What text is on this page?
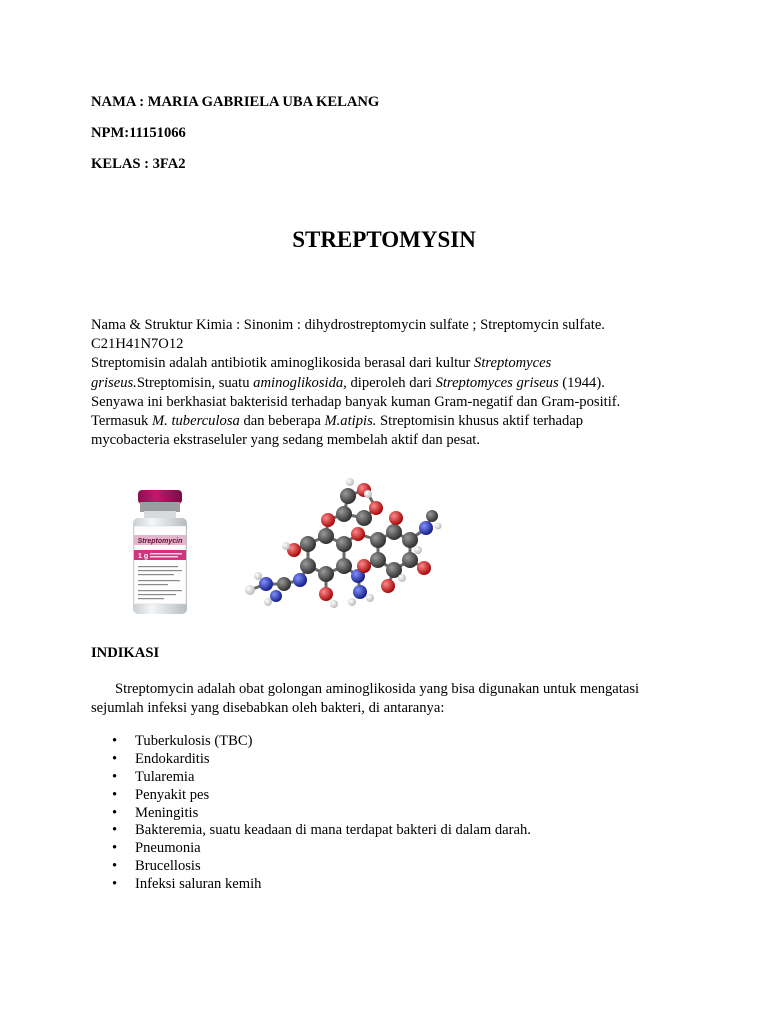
NAMA : MARIA GABRIELA UBA KELANG
NPM:11151066
KELAS : 3FA2
STREPTOMYSIN
Nama & Struktur Kimia : Sinonim : dihydrostreptomycin sulfate ; Streptomycin sulfate.
C21H41N7O12
Streptomisin adalah antibiotik aminoglikosida berasal dari kultur Streptomyces
griseus.Streptomisin, suatu aminoglikosida, diperoleh dari Streptomyces griseus (1944).
Senyawa ini berkhasiat bakterisid terhadap banyak kuman Gram-negatif dan Gram-positif.
Termasuk M. tuberculosa dan beberapa M.atipis. Streptomisin khusus aktif terhadap
mycobacteria ekstraseluler yang sedang membelah aktif dan pesat.
Streptomycin
1 g
INDIKASI
Streptomycin adalah obat golongan aminoglikosida yang bisa digunakan untuk mengatasi
sejumlah infeksi yang disebabkan oleh bakteri, di antaranya:
• Tuberkulosis (TBC)
• Endokarditis
• Tularemia
• Penyakit pes
• Meningitis
• Bakteremia, suatu keadaan di mana terdapat bakteri di dalam darah.
• Pneumonia
• Brucellosis
• Infeksi saluran kemih
